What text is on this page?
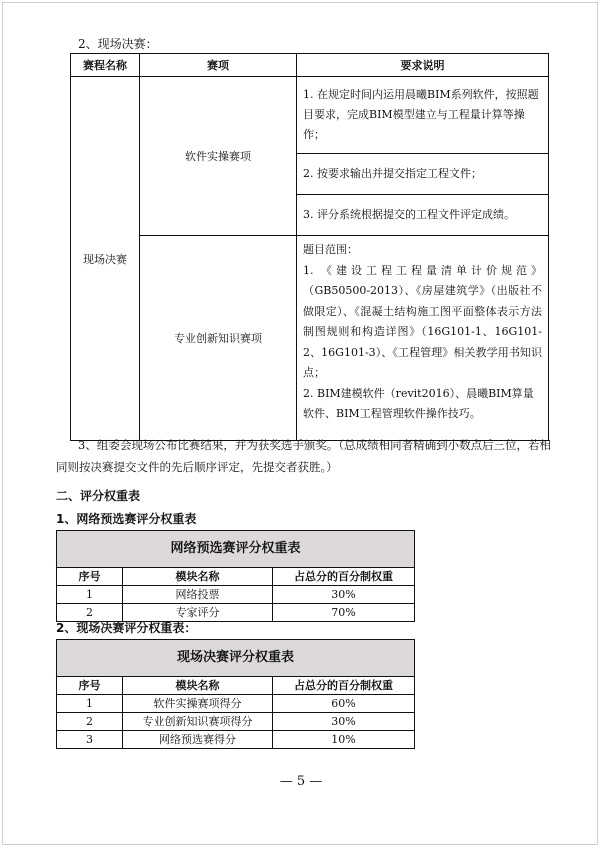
2、现场决赛：
赛程名称	赛项	要求说明
现场决赛	软件实操赛项	1. 在规定时间内运用晨曦BIM系列软件，按照题目要求，完成BIM模型建立与工程量计算等操作；
		2. 按要求输出并提交指定工程文件；
		3. 评分系统根据提交的工程文件评定成绩。
	专业创新知识赛项	题目范围：
1. 《建设工程工程量清单计价规范》（GB50500-2013）、《房屋建筑学》（出版社不做限定）、《混凝土结构施工图平面整体表示方法制图规则和构造详图》（16G101-1、16G101-2、16G101-3）、《工程管理》相关教学用书知识点；
2. BIM建模软件（revit2016）、晨曦BIM算量软件、BIM工程管理软件操作技巧。
3、组委会现场公布比赛结果，并为获奖选手颁奖。（总成绩相同者精确到小数点后三位，若相同则按决赛提交文件的先后顺序评定，先提交者获胜。）
二、评分权重表
1、网络预选赛评分权重表
网络预选赛评分权重表		
序号	模块名称	占总分的百分制权重
1	网络投票	30%
2	专家评分	70%
2、现场决赛评分权重表：
现场决赛评分权重表		
序号	模块名称	占总分的百分制权重
1	软件实操赛项得分	60%
2	专业创新知识赛项得分	30%
3	网络预选赛得分	10%
— 5 —
